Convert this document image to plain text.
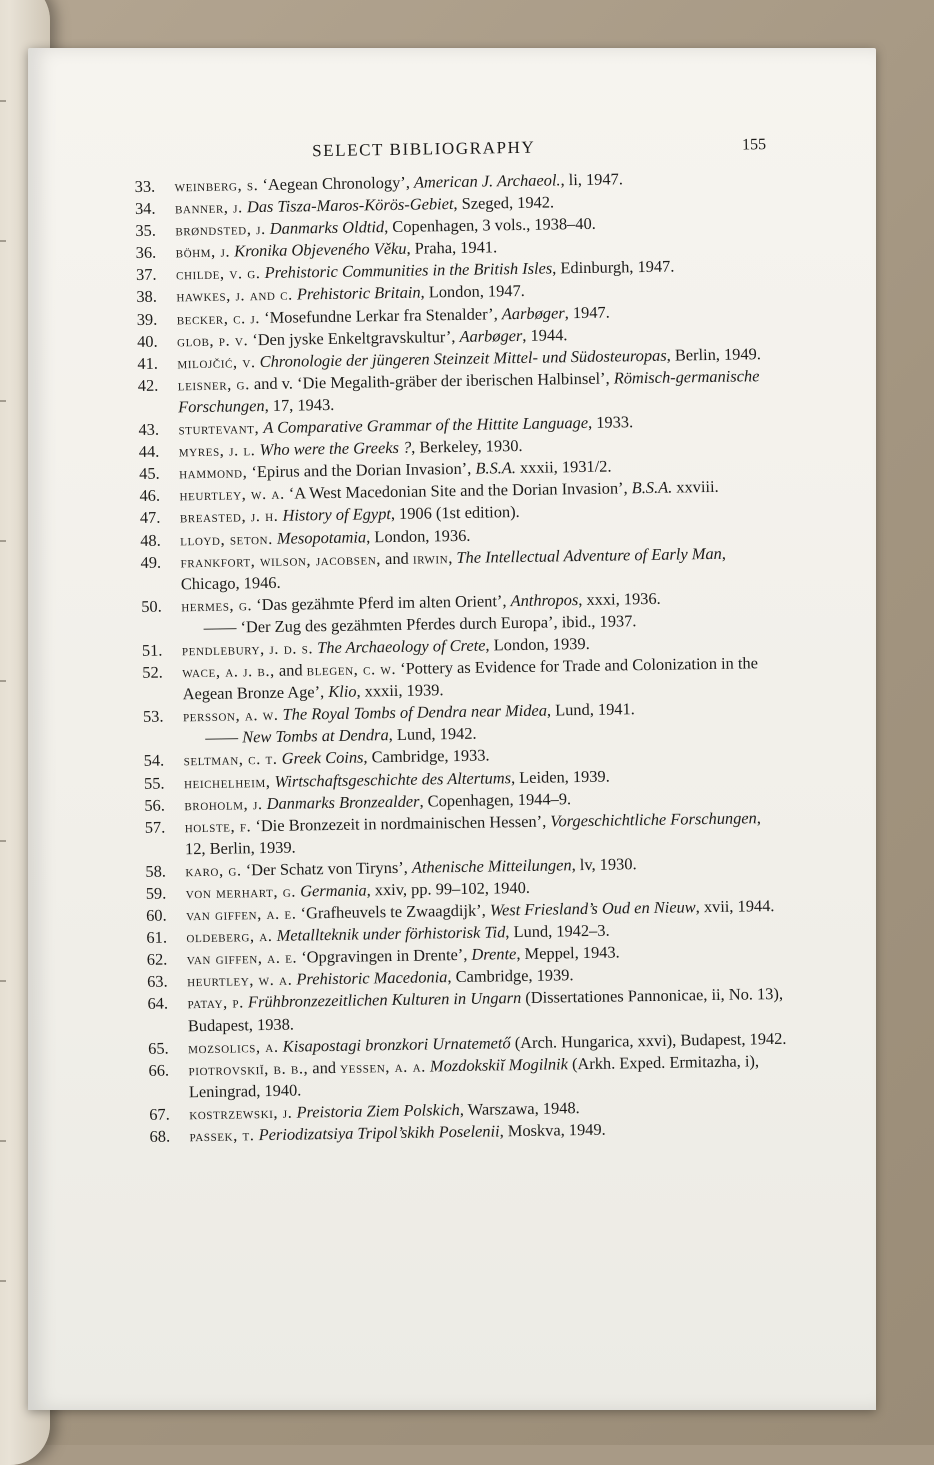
SELECT BIBLIOGRAPHY	155
33.	weinberg, s. ‘Aegean Chronology’, American J. Archaeol., li, 1947.
34.	banner, j. Das Tisza-Maros-Körös-Gebiet, Szeged, 1942.
35.	brøndsted, j. Danmarks Oldtid, Copenhagen, 3 vols., 1938–40.
36.	böhm, j. Kronika Objeveného Věku, Praha, 1941.
37.	childe, v. g. Prehistoric Communities in the British Isles, Edinburgh, 1947.
38.	hawkes, j. and c. Prehistoric Britain, London, 1947.
39.	becker, c. j. ‘Mosefundne Lerkar fra Stenalder’, Aarbøger, 1947.
40.	glob, p. v. ‘Den jyske Enkeltgravskultur’, Aarbøger, 1944.
41.	milojčić, v. Chronologie der jüngeren Steinzeit Mittel- und Südosteuropas, Berlin, 1949.
42.	leisner, g. and v. ‘Die Megalith-gräber der iberischen Halbinsel’, Römisch-germanische Forschungen, 17, 1943.
43.	sturtevant, A Comparative Grammar of the Hittite Language, 1933.
44.	myres, j. l. Who were the Greeks ?, Berkeley, 1930.
45.	hammond, ‘Epirus and the Dorian Invasion’, B.S.A. xxxii, 1931/2.
46.	heurtley, w. a. ‘A West Macedonian Site and the Dorian Invasion’, B.S.A. xxviii.
47.	breasted, j. h. History of Egypt, 1906 (1st edition).
48.	lloyd, seton. Mesopotamia, London, 1936.
49.	frankfort, wilson, jacobsen, and irwin, The Intellectual Adventure of Early Man, Chicago, 1946.
50.	hermes, g. ‘Das gezähmte Pferd im alten Orient’, Anthropos, xxxi, 1936.
—— ‘Der Zug des gezähmten Pferdes durch Europa’, ibid., 1937.
51.	pendlebury, j. d. s. The Archaeology of Crete, London, 1939.
52.	wace, a. j. b., and blegen, c. w. ‘Pottery as Evidence for Trade and Colonization in the Aegean Bronze Age’, Klio, xxxii, 1939.
53.	persson, a. w. The Royal Tombs of Dendra near Midea, Lund, 1941.
—— New Tombs at Dendra, Lund, 1942.
54.	seltman, c. t. Greek Coins, Cambridge, 1933.
55.	heichelheim, Wirtschaftsgeschichte des Altertums, Leiden, 1939.
56.	broholm, j. Danmarks Bronzealder, Copenhagen, 1944–9.
57.	holste, f. ‘Die Bronzezeit in nordmainischen Hessen’, Vorgeschichtliche Forschungen, 12, Berlin, 1939.
58.	karo, g. ‘Der Schatz von Tiryns’, Athenische Mitteilungen, lv, 1930.
59.	von merhart, g. Germania, xxiv, pp. 99–102, 1940.
60.	van giffen, a. e. ‘Grafheuvels te Zwaagdijk’, West Friesland’s Oud en Nieuw, xvii, 1944.
61.	oldeberg, a. Metallteknik under förhistorisk Tid, Lund, 1942–3.
62.	van giffen, a. e. ‘Opgravingen in Drente’, Drente, Meppel, 1943.
63.	heurtley, w. a. Prehistoric Macedonia, Cambridge, 1939.
64.	patay, p. Frühbronzezeitlichen Kulturen in Ungarn (Dissertationes Pannonicae, ii, No. 13), Budapest, 1938.
65.	mozsolics, a. Kisapostagi bronzkori Urnatemető (Arch. Hungarica, xxvi), Budapest, 1942.
66.	piotrovskiĭ, b. b., and yessen, a. a. Mozdokskiĭ Mogilnik (Arkh. Exped. Ermitazha, i), Leningrad, 1940.
67.	kostrzewski, j. Preistoria Ziem Polskich, Warszawa, 1948.
68.	passek, t. Periodizatsiya Tripol’skikh Poselenii, Moskva, 1949.
